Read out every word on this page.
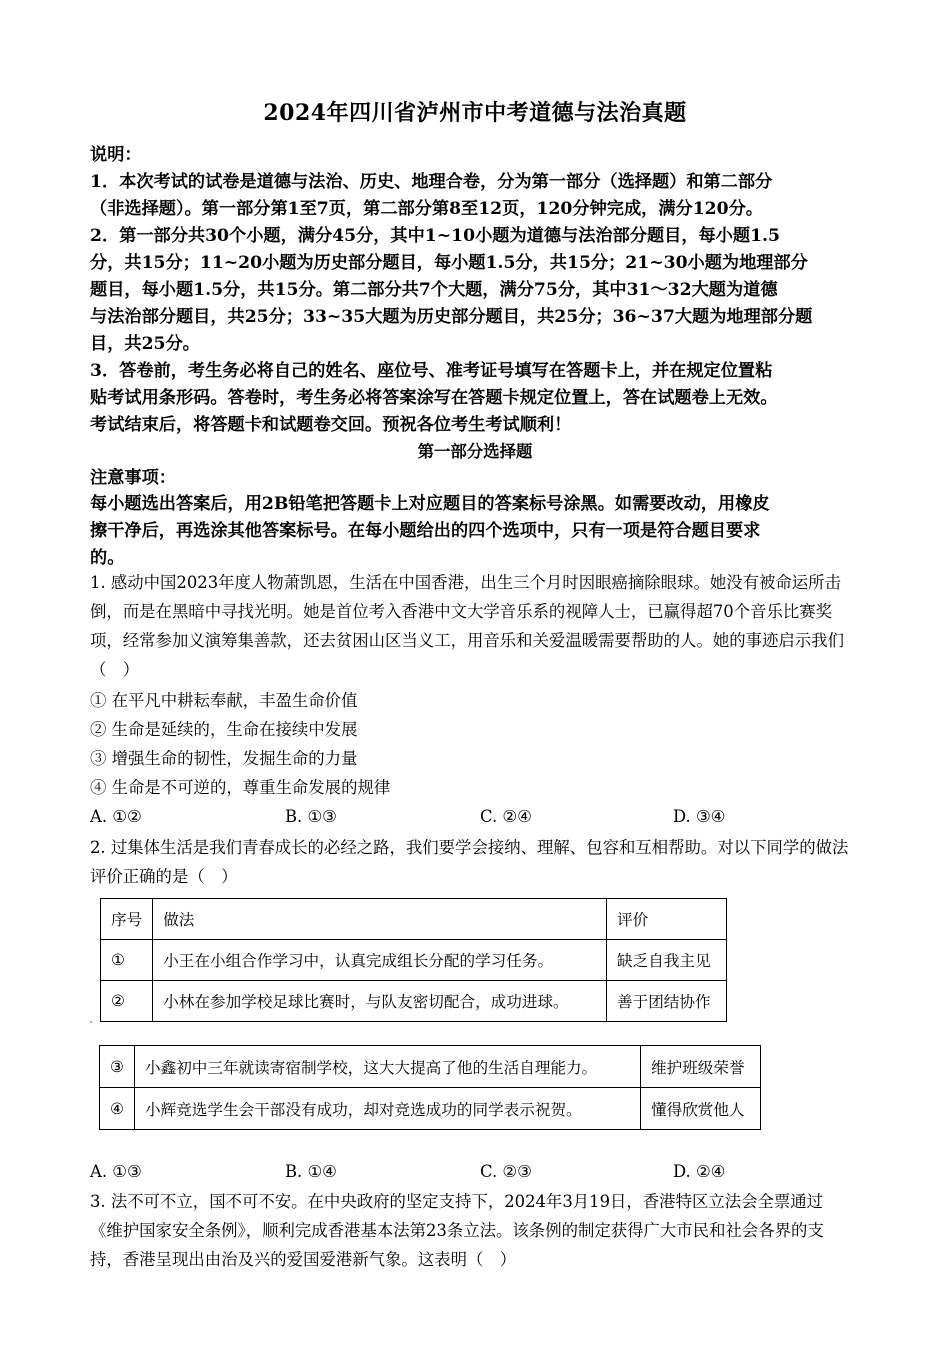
2024年四川省泸州市中考道德与法治真题
说明：
1．本次考试的试卷是道德与法治、历史、地理合卷，分为第一部分（选择题）和第二部分
（非选择题）。第一部分第1至7页，第二部分第8至12页，120分钟完成，满分120分。
2．第一部分共30个小题，满分45分，其中1~10小题为道德与法治部分题目，每小题1.5
分，共15分；11~20小题为历史部分题目，每小题1.5分，共15分；21~30小题为地理部分
题目，每小题1.5分，共15分。第二部分共7个大题，满分75分，其中31～32大题为道德
与法治部分题目，共25分；33~35大题为历史部分题目，共25分；36~37大题为地理部分题
目，共25分。
3．答卷前，考生务必将自己的姓名、座位号、准考证号填写在答题卡上，并在规定位置粘
贴考试用条形码。答卷时，考生务必将答案涂写在答题卡规定位置上，答在试题卷上无效。
考试结束后，将答题卡和试题卷交回。预祝各位考生考试顺利！
第一部分选择题
注意事项：
每小题选出答案后，用2B铅笔把答题卡上对应题目的答案标号涂黑。如需要改动，用橡皮
擦干净后，再选涂其他答案标号。在每小题给出的四个选项中，只有一项是符合题目要求
的。
1. 感动中国2023年度人物萧凯恩，生活在中国香港，出生三个月时因眼癌摘除眼球。她没有被命运所击
倒，而是在黑暗中寻找光明。她是首位考入香港中文大学音乐系的视障人士，已赢得超70个音乐比赛奖
项，经常参加义演筹集善款，还去贫困山区当义工，用音乐和关爱温暖需要帮助的人。她的事迹启示我们
（　）
① 在平凡中耕耘奉献，丰盈生命价值
② 生命是延续的，生命在接续中发展
③ 增强生命的韧性，发掘生命的力量
④ 生命是不可逆的，尊重生命发展的规律
A. ①②	B. ①③	C. ②④	D. ③④
2. 过集体生活是我们青春成长的必经之路，我们要学会接纳、理解、包容和互相帮助。对以下同学的做法
评价正确的是（　）
序号	做法	评价
①	小王在小组合作学习中，认真完成组长分配的学习任务。	缺乏自我主见
②	小林在参加学校足球比赛时，与队友密切配合，成功进球。	善于团结协作
③	小鑫初中三年就读寄宿制学校，这大大提高了他的生活自理能力。	维护班级荣誉
④	小辉竞选学生会干部没有成功，却对竞选成功的同学表示祝贺。	懂得欣赏他人
A. ①③	B. ①④	C. ②③	D. ②④
3. 法不可不立，国不可不安。在中央政府的坚定支持下，2024年3月19日，香港特区立法会全票通过
《维护国家安全条例》，顺利完成香港基本法第23条立法。该条例的制定获得广大市民和社会各界的支
持，香港呈现出由治及兴的爱国爱港新气象。这表明（　）
